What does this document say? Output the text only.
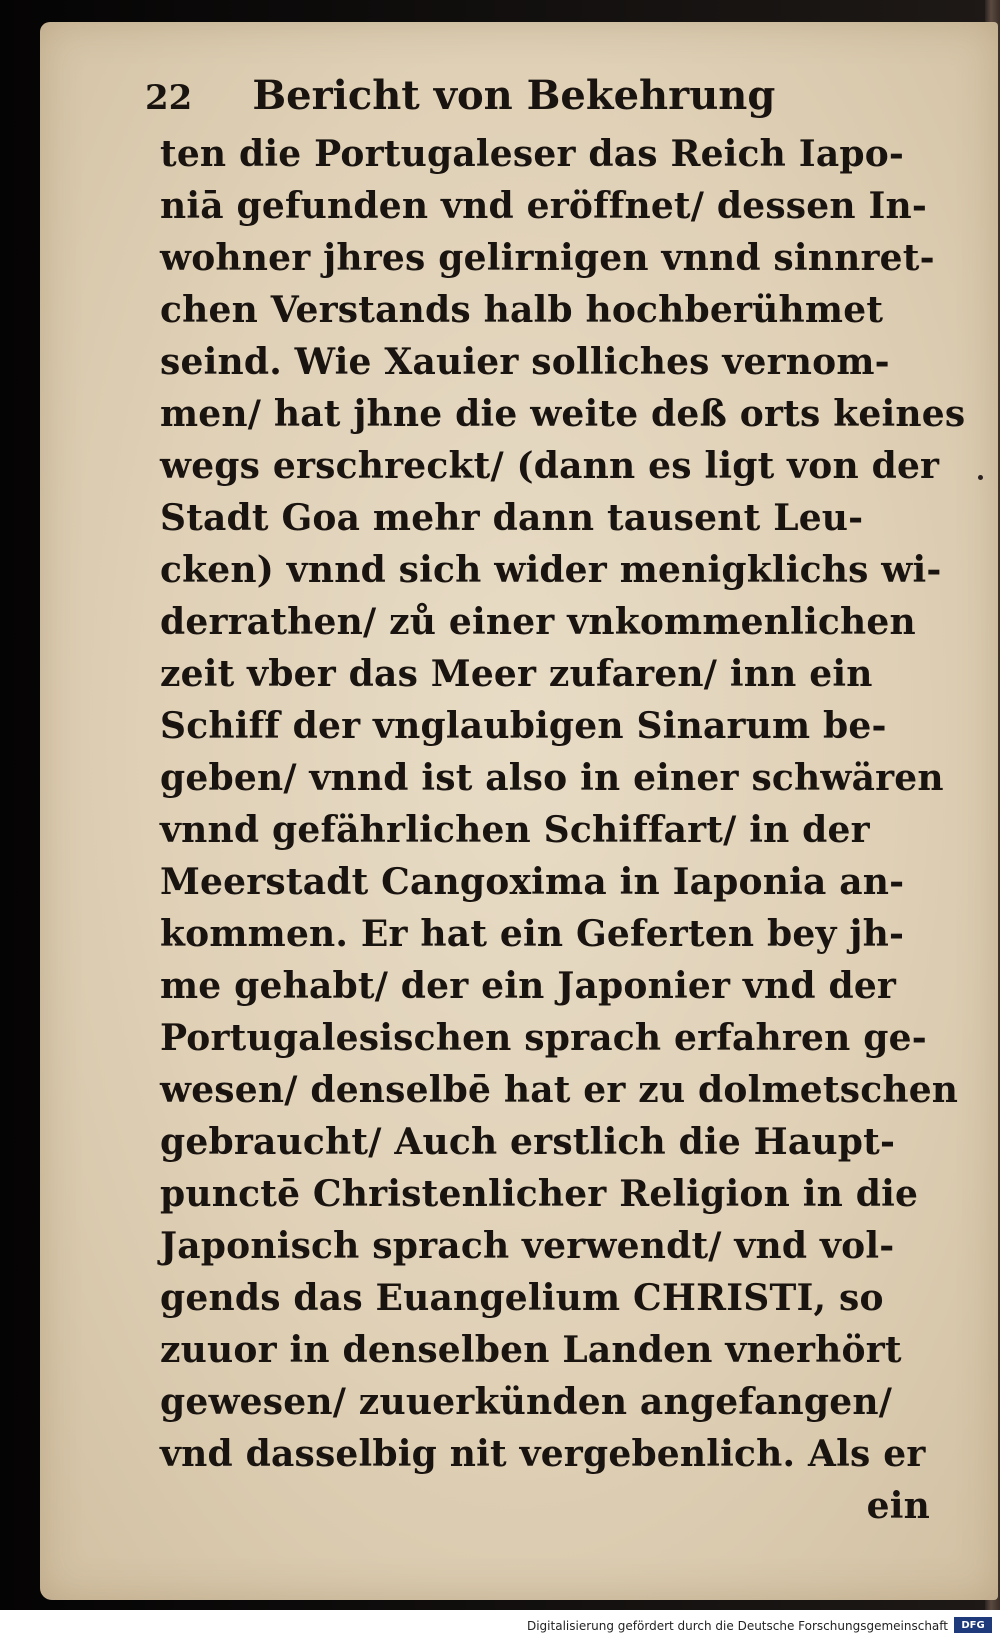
22 Bericht von Bekehrung
ten die Portugaleser das Reich Iapo-
niā gefunden vnd eröffnet/ dessen In-
wohner jhres gelirnigen vnnd sinnret-
chen Verstands halb hochberühmet
seind. Wie Xauier solliches vernom-
men/ hat jhne die weite deß orts keines
wegs erschreckt/ (dann es ligt von der
Stadt Goa mehr dann tausent Leu-
cken) vnnd sich wider menigklichs wi-
derrathen/ zů einer vnkommenlichen
zeit vber das Meer zufaren/ inn ein
Schiff der vnglaubigen Sinarum be-
geben/ vnnd ist also in einer schwären
vnnd gefährlichen Schiffart/ in der
Meerstadt Cangoxima in Iaponia an-
kommen. Er hat ein Geferten bey jh-
me gehabt/ der ein Japonier vnd der
Portugalesischen sprach erfahren ge-
wesen/ denselbē hat er zu dolmetschen
gebraucht/ Auch erstlich die Haupt-
punctē Christenlicher Religion in die
Japonisch sprach verwendt/ vnd vol-
gends das Euangelium CHRISTI, so
zuuor in denselben Landen vnerhört
gewesen/ zuuerkünden angefangen/
vnd dasselbig nit vergebenlich. Als er
ein
Digitalisierung gefördert durch die Deutsche Forschungsgemeinschaft	DFG
